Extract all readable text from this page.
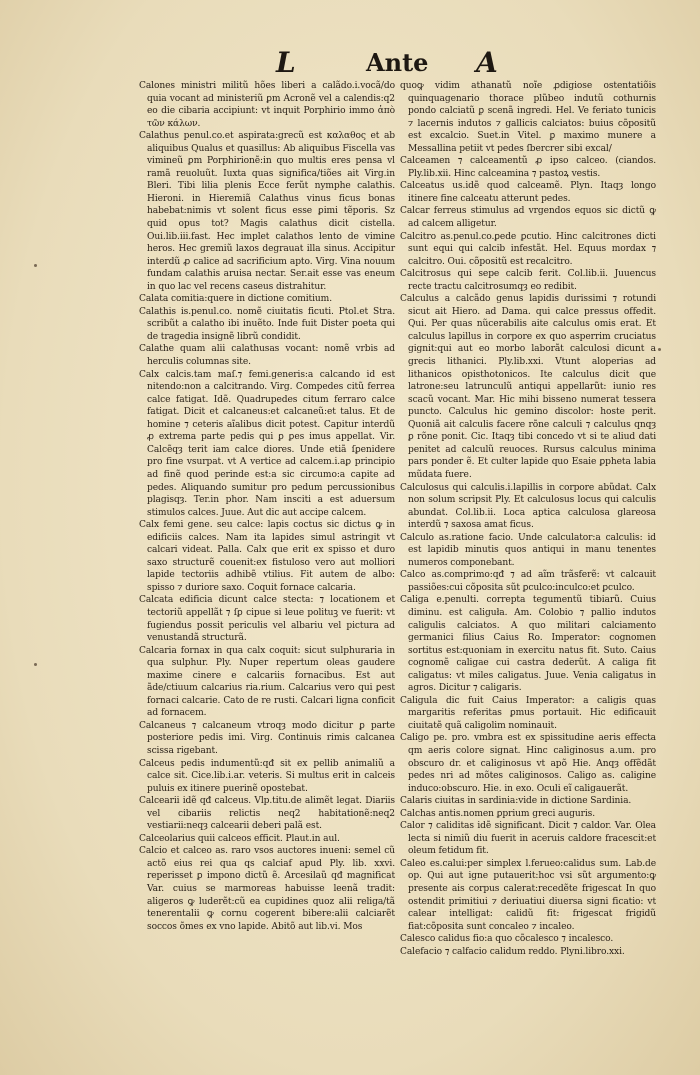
L	Ante A

Calones ministri militũ hões liberi a calãdo.i.vocã/do quia vocant ad ministeriũ ꝑm Acronẽ vel a calendis:q2 eo die cibaria accipiunt: vt inquit Porphirio immo ἀπὸ τῶν κάλων.

Calathus penul.co.et aspirata:grecũ est καλαθος et ab aliquibus Qualus et quasillus: Ab aliquibus Fiscella vas vimineũ ꝑm Porphirionẽ:in quo multis eres pensa vl ramã reuoluũt. Iuxta quas significa/tiões ait Virg.in Bleri. Tibi lilia plenis Ecce ferũt nymphe calathis. Hieroni. in Hieremiã Calathus vinus ficus bonas habebat:nimis vt solent ficus esse ꝑimi tẽporis. Sz quid opus tot? Magis calathus dicit cistella. Oui.lib.iii.fast. Hec implet calathos lento de vimine heros. Hec gremiũ laxos degrauat illa sinus. Accipitur interdũ ꝓ calice ad sacrificium apto. Virg. Vina nouum fundam calathis aruisa nectar. Ser.ait esse vas eneum in quo lac vel recens caseus distrahitur.

Calata comitia:quere in dictione comitium.

Calathis is.penul.co. nomẽ ciuitatis ficuti. Ptol.et Stra. scribũt a calatho ibi inuẽto. Inde fuit Dister poeta qui de tragedia insignẽ librũ condidit.

Calathe quam alii calathusas vocant: nomẽ vrbis ad herculis columnas site.

Calx calcis.tam maſ.⁊ femi.generis:a calcando id est nitendo:non a calcitrando. Virg. Compedes citũ ferrea calce fatigat. Idẽ. Quadrupedes citum ferraro calce fatigat. Dicit et calcaneus:et calcaneũ:et talus. Et de homine ⁊ ceteris aĩalibus dicit potest. Capitur interdũ ꝓ extrema parte pedis qui ꝑ ꝑes imus appellat. Vir. Calcẽqȝ terit iam calce diores. Unde etiã ſꝑenidere pro fine vsurpat. vt A vertice ad calcem.i.aꝑ principio ad finẽ quod perinde est:a sic circumo:a capite ad pedes. Aliquando sumitur pro pedum percussionibus plagisqȝ. Ter.in phor. Nam insciti a est aduersum stimulos calces. Juue. Aut dic aut accipe calcem.

Calx femi gene. seu calce: lapis coctus sic dictus ꝙ in edificiis calces. Nam ita lapides simul astringit vt calcari videat. Palla. Calx que erit ex spisso et duro saxo structurẽ couenit:ex fistuloso vero aut molliori lapide tectoriis adhibẽ vtilius. Fit autem de albo: spisso ⁊ duriore saxo. Coquit fornace calcaria.

Calcata edificia dicunt calce stecta: ⁊ locationem et tectoriũ appellãt ⁊ ſꝑ cipue si leue polituꝫ ve fuerit: vt fugiendus possit periculis vel albariu vel pictura ad venustandã structurã.

Calcaria fornax in qua calx coquit: sicut sulphuraria in qua sulphur. Ply. Nuper repertum oleas gaudere maxime cinere e calcariis fornacibus. Est aut ãde/ctiuum calcarius ria.rium. Calcarius vero qui ꝑest fornaci calcarie. Cato de re rusti. Calcari ligna conficit ad fornacem.

Calcaneus ⁊ calcaneum vtroqȝ modo dicitur ꝑ parte posteriore pedis imi. Virg. Continuis rimis calcanea scissa rigebant.

Calceus pedis indumentũ:qđ sit ex pellib animaliũ a calce sit. Cice.lib.i.ar. veteris. Si multus erit in calceis puluis ex itinere puerinẽ opostebat.

Calcearii idẽ qđ calceus. Vlp.titu.de alimẽt legat. Diariis vel cibariis relictis neq2 habitationẽ:neq2 vestiarii:neqȝ calcearii deberi palã est.

Calceolarius quii calceos efficit. Plaut.in aul.

Calcio et calceo as. raro vsos auctores inueni: semel cũ actõ eius rei qua qs calciaf apud Ply. lib. xxvi. reperisset ꝑ impono dictũ ẽ. Arcesilaũ qđ magnificat Var. cuius se marmoreas habuisse leenã tradit: aligeros ꝙ luderẽt:cũ ea cupidines quoz alii religa/tã tenerentalii ꝙ cornu cogerent bibere:alii calciarẽt soccos õmes ex vno lapide. Abitõ aut lib.vi. Mos

quoꝙ vidim athanatũ noĩe ꝓdigiose ostentatiõis quinquagenario thorace plũbeo indutũ cothurnis pondo calciatũ ꝑ scenã ingredi. Hel. Ve feriato tunicis ⁊ lacernis indutos ⁊ gallicis calciatos: buius cõpositũ est excalcio. Suet.in Vitel. ꝑ maximo munere a Messallina petiit vt pedes ſbercrer sibi excal/

Calceamen ⁊ calceamentũ ꝓ ipso calceo. (ciandos. Ply.lib.xii. Hinc calceamina ⁊ pastoꝝ vestis.

Calceatus us.idẽ quod calceamẽ. Plyn. Itaqȝ longo itinere fine calceatu atterunt pedes.

Calcar ferreus stimulus ad vrgendos equos sic dictũ ꝙ ad calcem alligetur.

Calcitro as.penul.co.ꝑede ꝑcutio. Hinc calcitrones dicti sunt equi qui calcib infestãt. Hel. Equus mordax ⁊ calcitro. Oui. cõpositũ est recalcitro.

Calcitrosus qui sepe calcib ferit. Col.lib.ii. Juuencus recte tractu calcitrosumqȝ eo redibit.

Calculus a calcãdo genus lapidis durissimi ⁊ rotundi sicut ait Hiero. ad Dama. qui calce pressus offedit. Qui. Per quas nũcerabilis aite calculus omis erat. Et calculus lapillus in corpore ex quo asperrim cruciatus gignit:qui aut eo morbo laborãt calculosi dicunt a grecis lithanici. Ply.lib.xxi. Vtunt aloperias ad lithanicos opisthotonicos. Ite calculus dicit que latrone:seu latrunculũ antiqui appellarũt: iunio res scacũ vocant. Mar. Hic mihi bisseno numerat tessera puncto. Calculus hic gemino discolor: hoste perit. Quoniã ait calculis facere rõne calculi ⁊ calculus qnqȝ ꝑ rõne ponit. Cic. Itaqȝ tibi concedo vt si te aliud dati penitet ad calculũ reuoces. Rursus calculus minima pars ponder ẽ. Et culter lapide quo Esaie ꝑpheta labia mũdata fuere.

Calculosus qui calculis.i.lapillis in corpore abũdat. Calx non solum scripsit Ply. Et calculosus locus qui calculis abundat. Col.lib.ii. Loca aptica calculosa glareosa interdũ ⁊ saxosa amat ficus.

Calculo as.ratione facio. Unde calculator:a calculis: id est lapidib minutis quos antiqui in manu tenentes numeros componebant.

Calco as.comprimo:qđ ⁊ ad aĩm trãsferẽ: vt calcauit passiões:cui cõposita sũt ꝑculco:inculco:et ꝑculco.

Caliga e.penulti. correpta tegumentũ tibiarũ. Cuius diminu. est caliguła. Am. Colobio ⁊ pallio indutos caligulis calciatos. A quo militari calciamento germanici filius Caius Ro. Imperator: cognomen sortitus est:quoniam in exercitu natus fit. Suto. Caius cognomẽ caligae cui castra dederũt. A caliga fit caligatus: vt miles caligatus. Juue. Venia caligatus in agros. Dicitur ⁊ caligaris.

Caligula dic fuit Caius Imperator: a caligis quas margaritis referitas ꝑmus portauit. Hic edificauit ciuitatẽ quã caligolim nominauit.

Caligo pe. pro. vmbra est ex spissitudine aeris effecta qm aeris colore signat. Hinc caliginosus a.um. pro obscuro dr. et caliginosus vt apõ Hie. Anqȝ offẽdãt pedes nri ad mõtes caliginosos. Caligo as. caligine induco:obscuro. Hie. in exo. Oculi eĩ caligauerãt.

Calaris ciuitas in sardinia:vide in dictione Sardinia.

Calchas antis.nomen ꝑprium greci auguris.

Calor ⁊ caliditas idẽ significant. Dicit ⁊ caldor. Var. Olea lecta si nimiũ diu fuerit in aceruis caldore fracescit:et oleum fetidum fit.

Caleo es.calui:per simplex l.ferueo:calidus sum. Lab.de op. Qui aut igne putauerit:hoc vsi sũt argumento:ꝙ presente ais corpus calerat:recedẽte frigescat In quo ostendit primitiui ⁊ deriuatiui diuersa signi ficatio: vt calear intelligat: calidũ fit: frigescat frigidũ fiat:cõposita sunt concaleo ⁊ incaleo.

Calesco calidus fio:a quo cõcalesco ⁊ incalesco.

Calefacio ⁊ calfacio calidum reddo. Plyni.libro.xxi.
